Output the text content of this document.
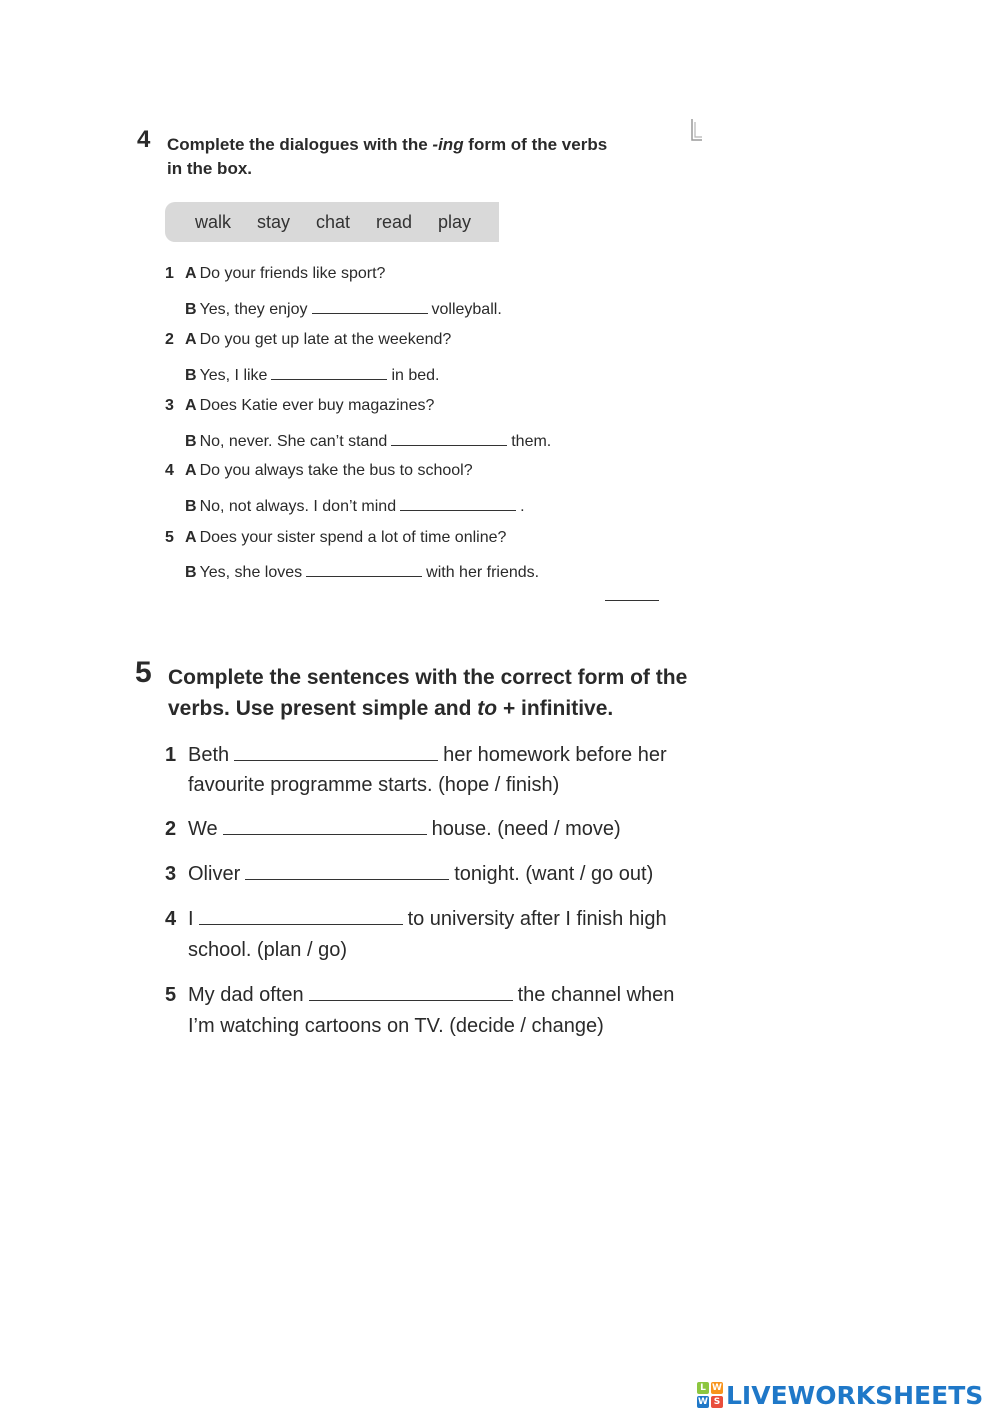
4 Complete the dialogues with the -ing form of the verbs
in the box.
walk stay chat read play
1 A Do your friends like sport?
B Yes, they enjoy	volleyball.
2 A Do you get up late at the weekend?
B Yes, I like	in bed.
3 A Does Katie ever buy magazines?
B No, never. She can’t stand	them.
4 A Do you always take the bus to school?
B No, not always. I don’t mind	.
5 A Does your sister spend a lot of time online?
B Yes, she loves	with her friends.
5 Complete the sentences with the correct form of the
verbs. Use present simple and to + infinitive.
1 Beth	her homework before her
favourite programme starts. (hope / finish)
2 We	house. (need / move)
3 Oliver	tonight. (want / go out)
4 I	to university after I finish high
school. (plan / go)
5 My dad often	the channel when
I’m watching cartoons on TV. (decide / change)
L W
W S LIVEWORKSHEETS
